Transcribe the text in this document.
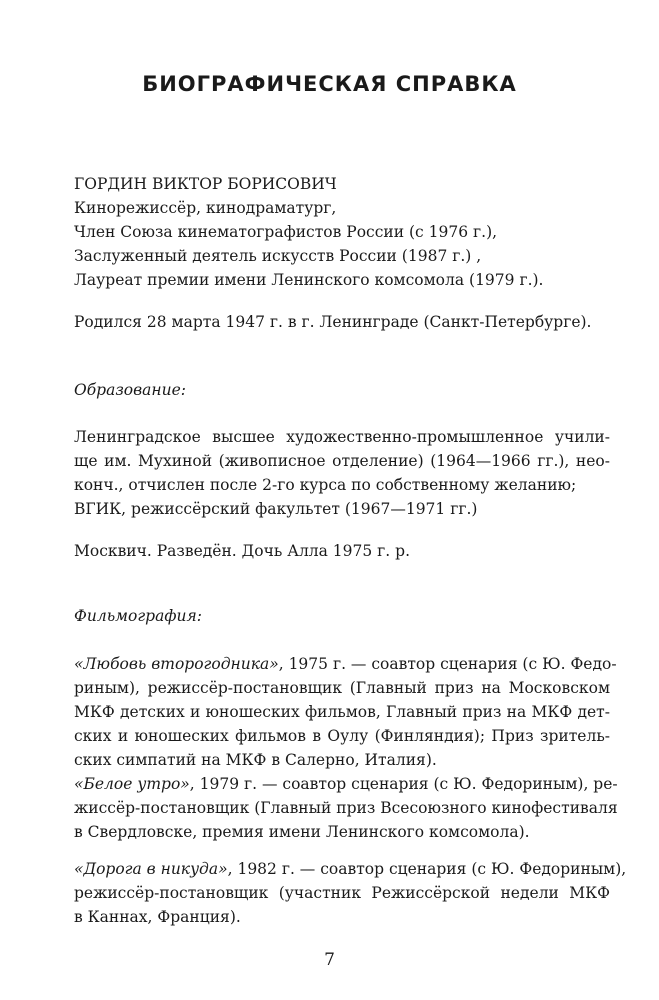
БИОГРАФИЧЕСКАЯ СПРАВКА
ГОРДИН ВИКТОР БОРИСОВИЧ
Кинорежиссёр, кинодраматург,
Член Союза кинематографистов России (с 1976 г.),
Заслуженный деятель искусств России (1987 г.) ,
Лауреат премии имени Ленинского комсомола (1979 г.).
Родился 28 марта 1947 г. в г. Ленинграде (Санкт-Петербурге).
Образование:
Ленинградское высшее художественно-промышленное учили-
ще им. Мухиной (живописное отделение) (1964—1966 гг.), нео-
конч., отчислен после 2-го курса по собственному желанию;
ВГИК, режиссёрский факультет (1967—1971 гг.)
Москвич. Разведён. Дочь Алла 1975 г. р.
Фильмография:
«Любовь второгодника», 1975 г. — соавтор сценария (с Ю. Федо-
риным), режиссёр-постановщик (Главный приз на Московском
МКФ детских и юношеских фильмов, Главный приз на МКФ дет-
ских и юношеских фильмов в Оулу (Финляндия); Приз зритель-
ских симпатий на МКФ в Салерно, Италия).
«Белое утро», 1979 г. — соавтор сценария (с Ю. Федориным), ре-
жиссёр-постановщик (Главный приз Всесоюзного кинофестиваля
в Свердловске, премия имени Ленинского комсомола).
«Дорога в никуда», 1982 г. — соавтор сценария (с Ю. Федориным),
режиссёр-постановщик (участник Режиссёрской недели МКФ
в Каннах, Франция).
7
